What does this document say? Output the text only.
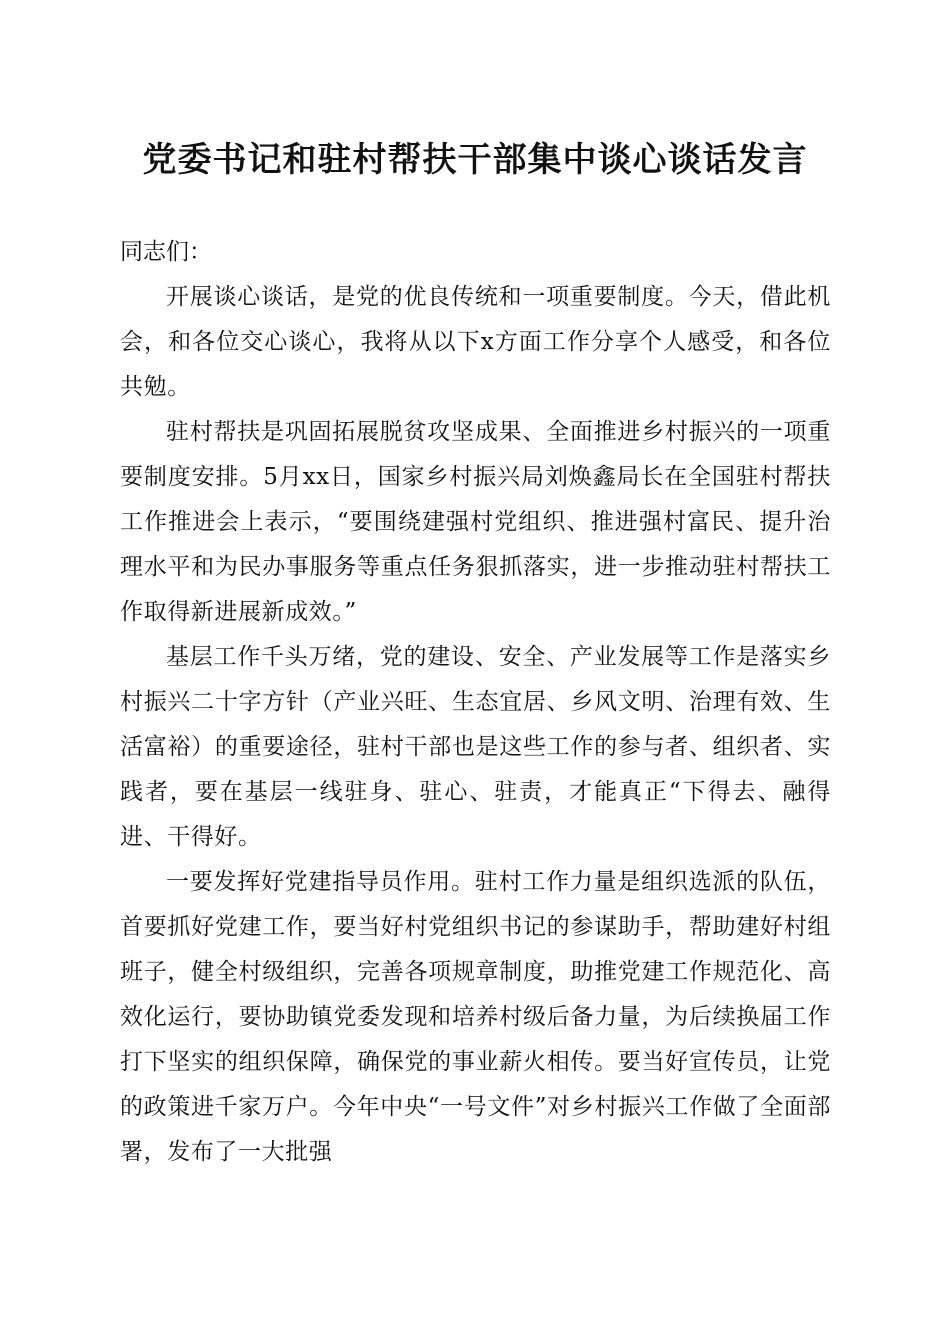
党委书记和驻村帮扶干部集中谈心谈话发言

同志们：

开展谈心谈话，是党的优良传统和一项重要制度。今天，借此机会，和各位交心谈心，我将从以下x方面工作分享个人感受，和各位共勉。

驻村帮扶是巩固拓展脱贫攻坚成果、全面推进乡村振兴的一项重要制度安排。5月xx日，国家乡村振兴局刘焕鑫局长在全国驻村帮扶工作推进会上表示，“要围绕建强村党组织、推进强村富民、提升治理水平和为民办事服务等重点任务狠抓落实，进一步推动驻村帮扶工作取得新进展新成效。”

基层工作千头万绪，党的建设、安全、产业发展等工作是落实乡村振兴二十字方针（产业兴旺、生态宜居、乡风文明、治理有效、生活富裕）的重要途径，驻村干部也是这些工作的参与者、组织者、实践者，要在基层一线驻身、驻心、驻责，才能真正“下得去、融得进、干得好。

一要发挥好党建指导员作用。驻村工作力量是组织选派的队伍，首要抓好党建工作，要当好村党组织书记的参谋助手，帮助建好村组班子，健全村级组织，完善各项规章制度，助推党建工作规范化、高效化运行，要协助镇党委发现和培养村级后备力量，为后续换届工作打下坚实的组织保障，确保党的事业薪火相传。要当好宣传员，让党的政策进千家万户。今年中央“一号文件”对乡村振兴工作做了全面部署，发布了一大批强
